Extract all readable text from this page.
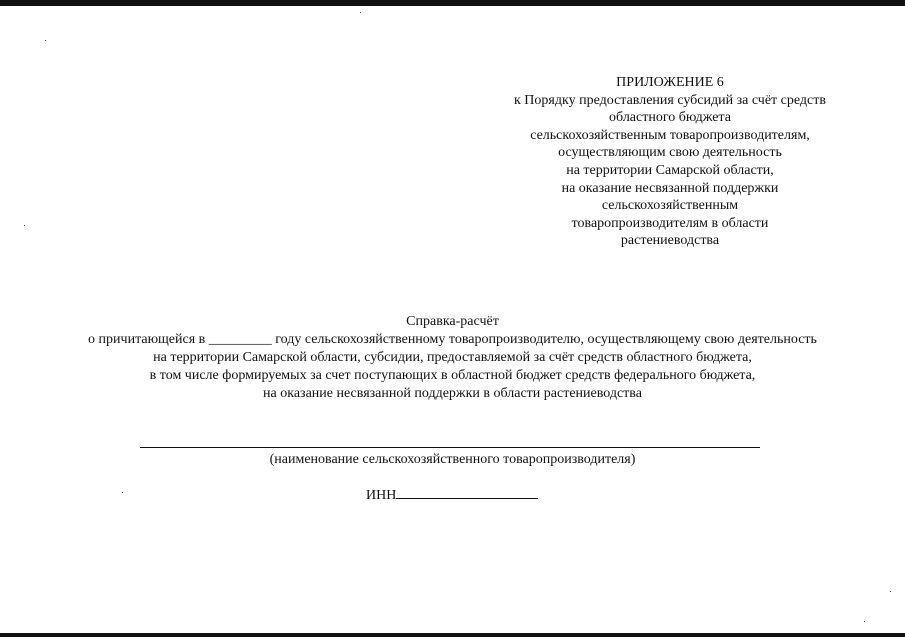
ПРИЛОЖЕНИЕ 6
к Порядку предоставления субсидий за счёт средств
областного бюджета
сельскохозяйственным товаропроизводителям,
осуществляющим свою деятельность
на территории Самарской области,
на оказание несвязанной поддержки
сельскохозяйственным
товаропроизводителям в области
растениеводства
Справка-расчёт
о причитающейся в _________ году сельскохозяйственному товаропроизводителю, осуществляющему свою деятельность
на территории Самарской области, субсидии, предоставляемой за счёт средств областного бюджета,
в том числе формируемых за счет поступающих в областной бюджет средств федерального бюджета,
на оказание несвязанной поддержки в области растениеводства
(наименование сельскохозяйственного товаропроизводителя)
ИНН
